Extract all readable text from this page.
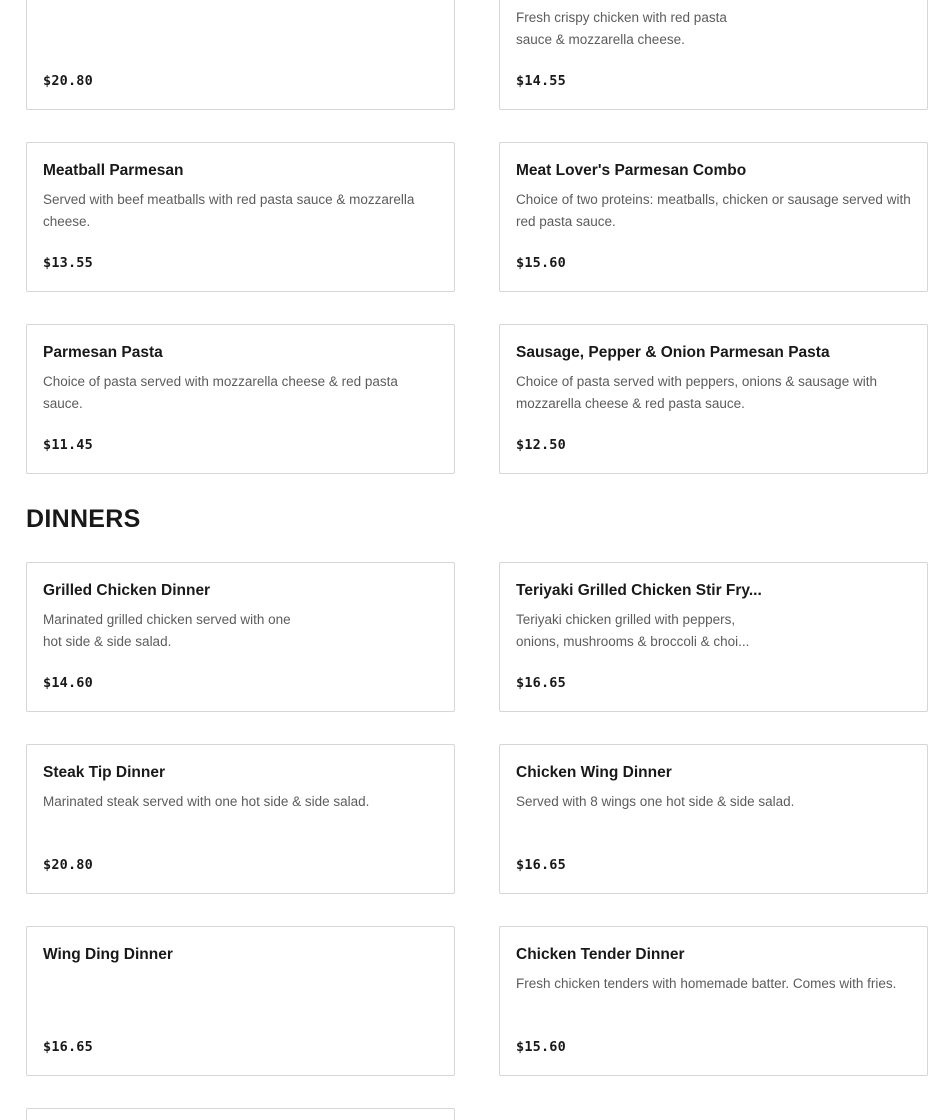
$20.80
Fresh crispy chicken with red pasta sauce & mozzarella cheese.
$14.55
Meatball Parmesan
Served with beef meatballs with red pasta sauce & mozzarella cheese.
$13.55
Meat Lover's Parmesan Combo
Choice of two proteins: meatballs, chicken or sausage served with red pasta sauce.
$15.60
Parmesan Pasta
Choice of pasta served with mozzarella cheese & red pasta sauce.
$11.45
Sausage, Pepper & Onion Parmesan Pasta
Choice of pasta served with peppers, onions & sausage with mozzarella cheese & red pasta sauce.
$12.50
DINNERS
Grilled Chicken Dinner
Marinated grilled chicken served with one hot side & side salad.
$14.60
Teriyaki Grilled Chicken Stir Fry...
Teriyaki chicken grilled with peppers, onions, mushrooms & broccoli & choi...
$16.65
Steak Tip Dinner
Marinated steak served with one hot side & side salad.
$20.80
Chicken Wing Dinner
Served with 8 wings one hot side & side salad.
$16.65
Wing Ding Dinner
$16.65
Chicken Tender Dinner
Fresh chicken tenders with homemade batter. Comes with fries.
$15.60
